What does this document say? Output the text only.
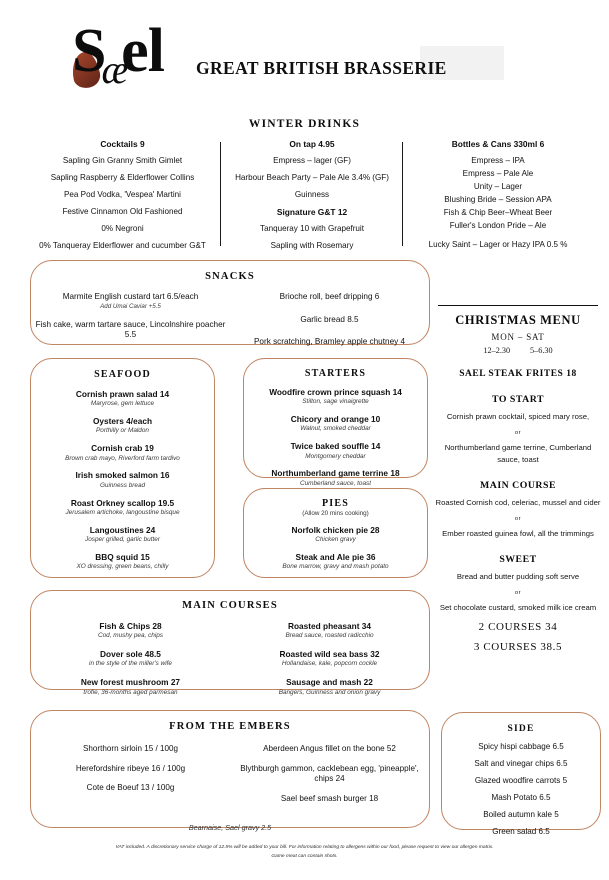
Sæel	GREAT BRITISH BRASSERIE
WINTER DRINKS
Cocktails 9
Sapling Gin Granny Smith Gimlet
Sapling Raspberry & Elderflower Collins
Pea Pod Vodka, 'Vespea' Martini
Festive Cinnamon Old Fashioned
0% Negroni
0% Tanqueray Elderflower and cucumber G&T
On tap 4.95
Empress – lager (GF)
Harbour Beach Party – Pale Ale 3.4% (GF)
Guinness
Signature G&T 12
Tanqueray 10 with Grapefruit
Sapling with Rosemary
Bottles & Cans 330ml 6
Empress – IPA
Empress – Pale Ale
Unity – Lager
Blushing Bride – Session APA
Fish & Chip Beer–Wheat Beer
Fuller's London Pride – Ale
Lucky Saint – Lager or Hazy IPA 0.5 %
SNACKS
Marmite English custard tart 6.5/each
Add Umai Caviar +5.5
Fish cake, warm tartare sauce, Lincolnshire poacher 5.5
Brioche roll, beef dripping 6
Garlic bread 8.5
Pork scratching, Bramley apple chutney 4
SEAFOOD
Cornish prawn salad 14
Maryrose, gem lettuce
Oysters 4/each
Porthilly or Maldon
Cornish crab 19
Brown crab mayo, Riverford farm tardivo
Irish smoked salmon 16
Guinness bread
Roast Orkney scallop 19.5
Jerusalem artichoke, langoustine bisque
Langoustines 24
Josper grilled, garlic butter
BBQ squid 15
XO dressing, green beans, chilly
STARTERS
Woodfire crown prince squash 14
Stilton, sage vinaigrette
Chicory and orange 10
Walnut, smoked cheddar
Twice baked souffle 14
Montgomery cheddar
Northumberland game terrine 18
Cumberland sauce, toast
PIES
(Allow 20 mins cooking)
Norfolk chicken pie 28
Chicken gravy
Steak and Ale pie 36
Bone marrow, gravy and mash potato
MAIN COURSES
Fish & Chips 28
Cod, mushy pea, chips
Dover sole 48.5
in the style of the miller's wife
New forest mushroom 27
trofie, 36-months aged parmesan
Roasted pheasant 34
Bread sauce, roasted radicchio
Roasted wild sea bass 32
Hollandaise, kale, popcorn cockle
Sausage and mash 22
Bangers, Guinness and onion gravy
FROM THE EMBERS
Shorthorn sirloin 15 / 100g
Herefordshire ribeye 16 / 100g
Cote de Boeuf 13 / 100g
Aberdeen Angus fillet on the bone 52
Blythburgh gammon, cacklebean egg, 'pineapple', chips 24
Sael beef smash burger 18
Bearnaise, Sael gravy 2.5
CHRISTMAS MENU
MON – SAT
12–2.30 5–6.30
SAEL STEAK FRITES 18
TO START
Cornish prawn cocktail, spiced mary rose,
or
Northumberland game terrine, Cumberland sauce, toast
MAIN COURSE
Roasted Cornish cod, celeriac, mussel and cider
or
Ember roasted guinea fowl, all the trimmings
SWEET
Bread and butter pudding soft serve
or
Set chocolate custard, smoked milk ice cream
2 COURSES 34
3 COURSES 38.5
SIDE
Spicy hispi cabbage 6.5
Salt and vinegar chips 6.5
Glazed woodfire carrots 5
Mash Potato 6.5
Boiled autumn kale 5
Green salad 6.5
VAT included. A discretionary service charge of 12.5% will be added to your bill. For information relating to allergens within our food, please request to view our allergen matrix.
Game meat can contain shots.
